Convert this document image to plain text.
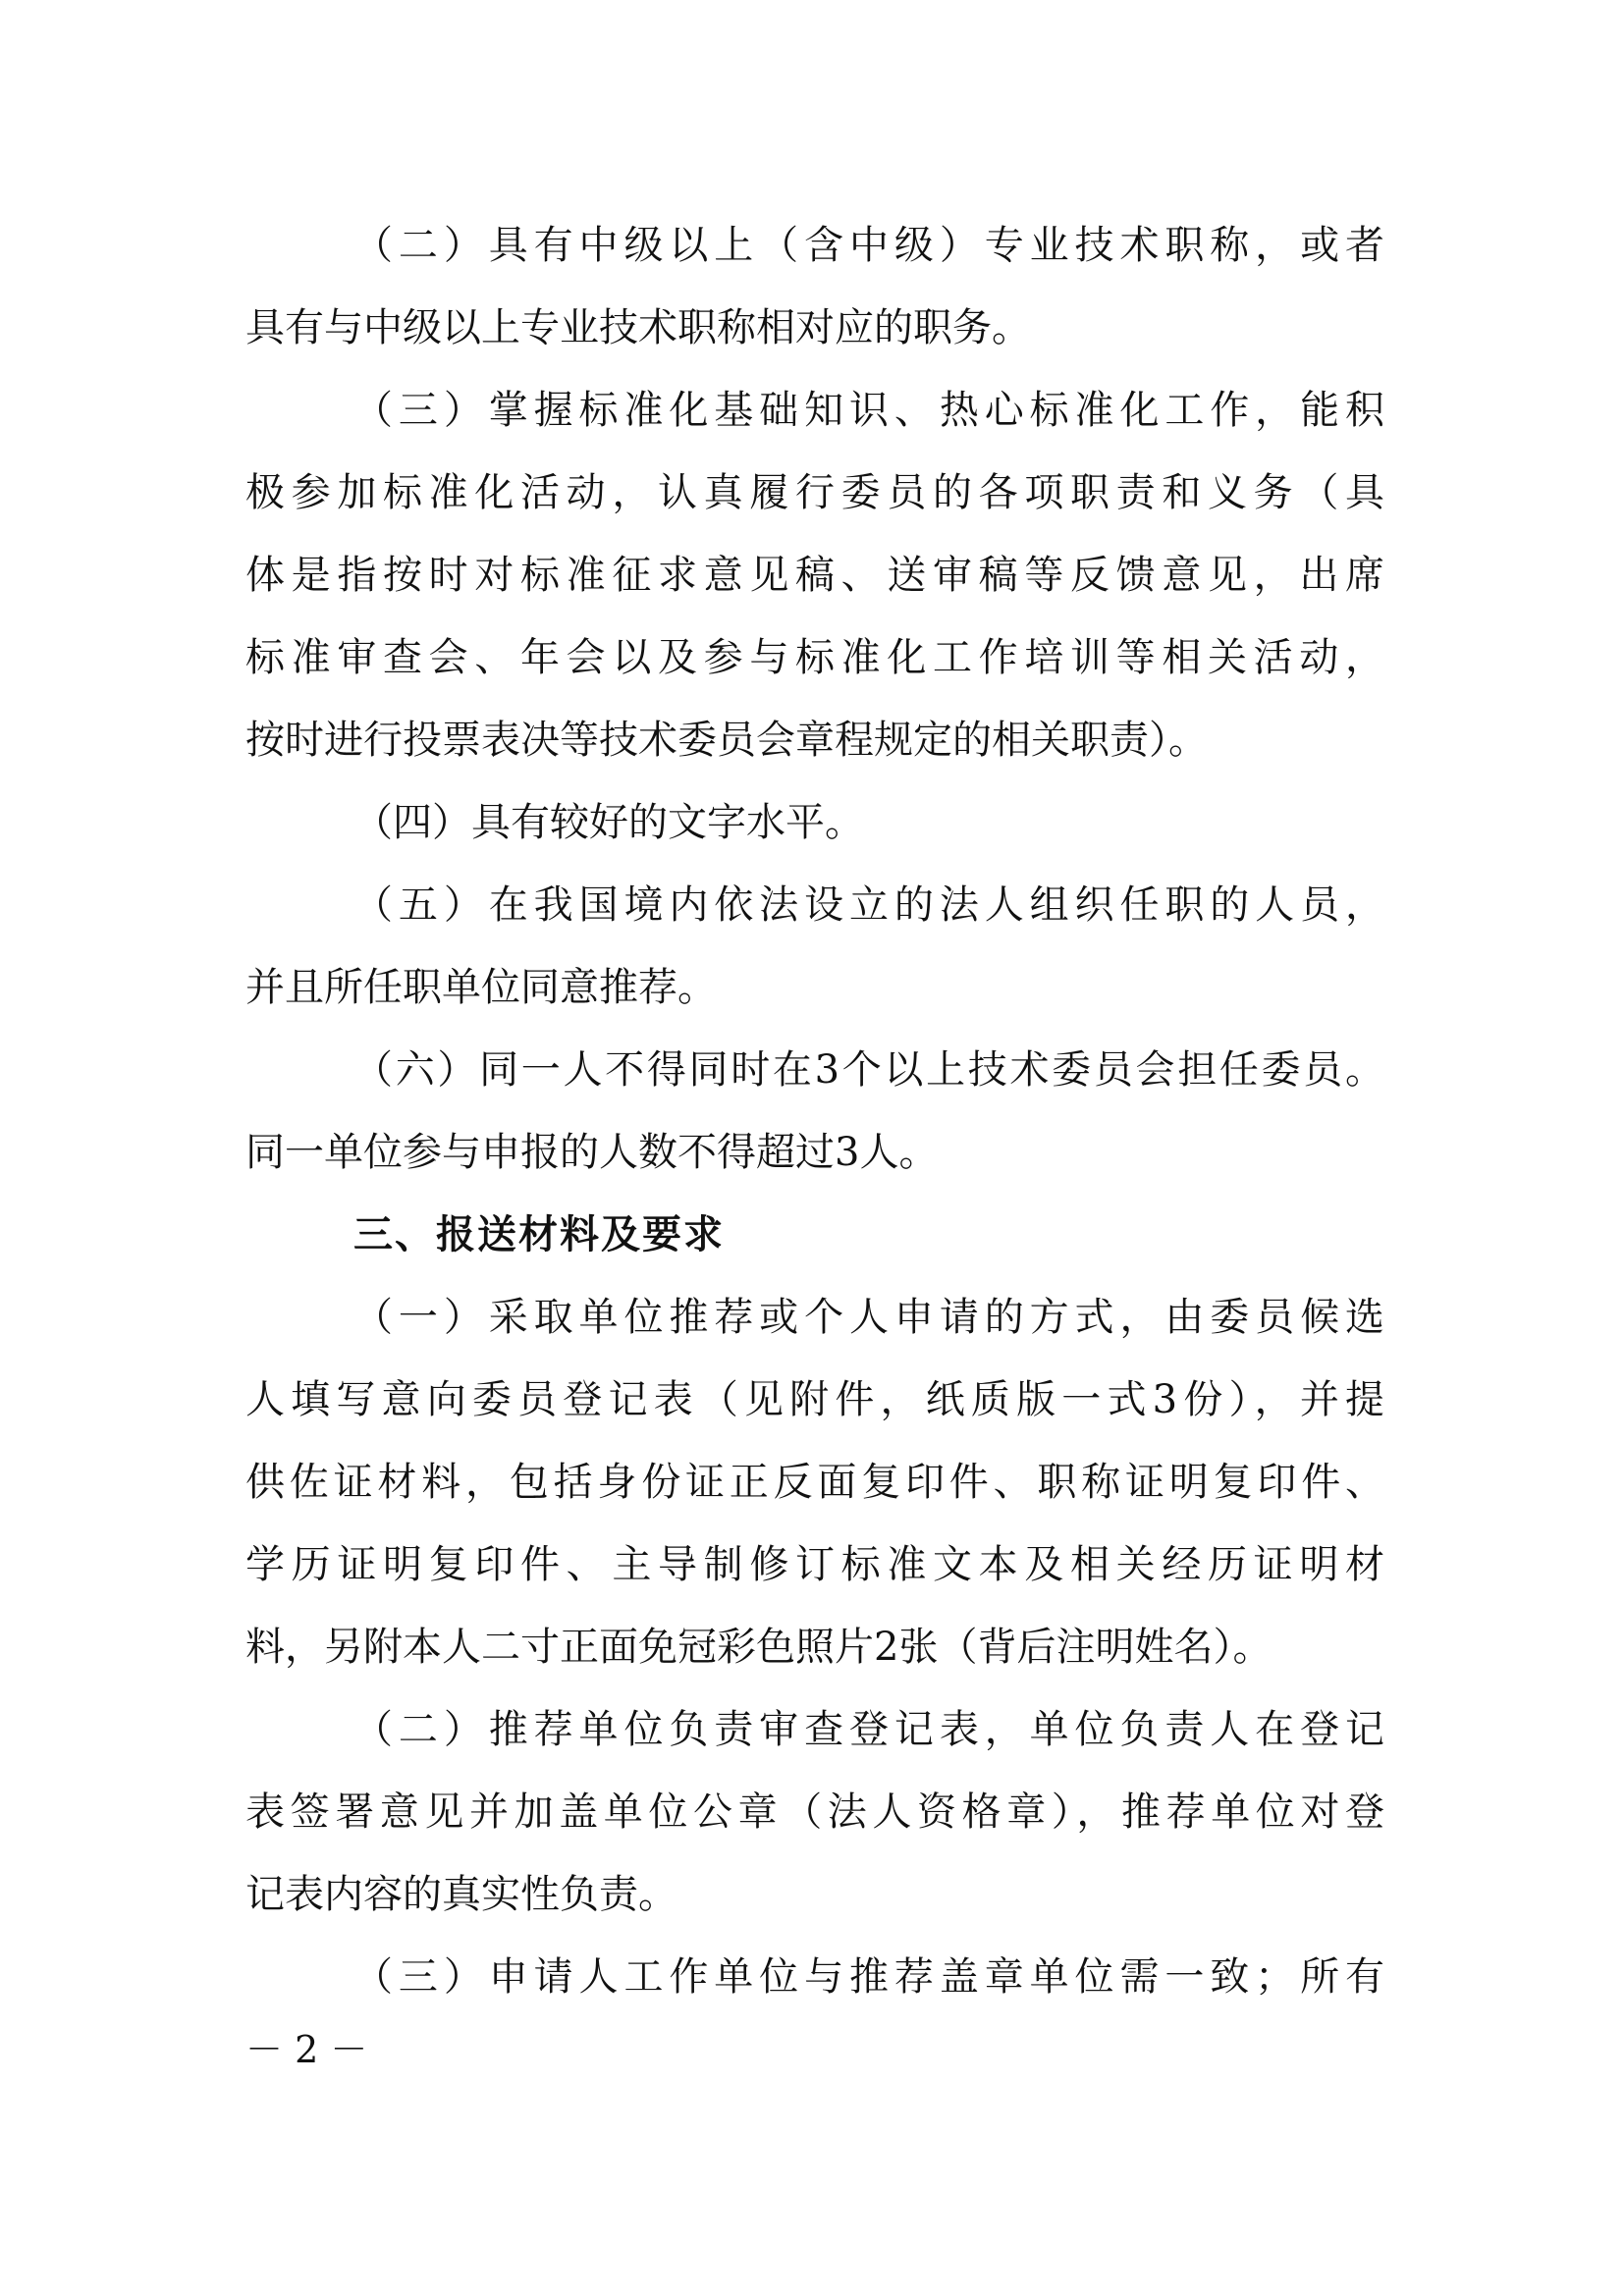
（二）具有中级以上（含中级）专业技术职称，或者
具有与中级以上专业技术职称相对应的职务。
（三）掌握标准化基础知识、热心标准化工作，能积
极参加标准化活动，认真履行委员的各项职责和义务（具
体是指按时对标准征求意见稿、送审稿等反馈意见，出席
标准审查会、年会以及参与标准化工作培训等相关活动，
按时进行投票表决等技术委员会章程规定的相关职责）。
（四）具有较好的文字水平。
（五）在我国境内依法设立的法人组织任职的人员，
并且所任职单位同意推荐。
（六）同一人不得同时在3个以上技术委员会担任委员。
同一单位参与申报的人数不得超过3人。
三、报送材料及要求
（一）采取单位推荐或个人申请的方式，由委员候选
人填写意向委员登记表（见附件，纸质版一式3份），并提
供佐证材料，包括身份证正反面复印件、职称证明复印件、
学历证明复印件、主导制修订标准文本及相关经历证明材
料，另附本人二寸正面免冠彩色照片2张（背后注明姓名）。
（二）推荐单位负责审查登记表，单位负责人在登记
表签署意见并加盖单位公章（法人资格章），推荐单位对登
记表内容的真实性负责。
（三）申请人工作单位与推荐盖章单位需一致；所有
－ 2 －
